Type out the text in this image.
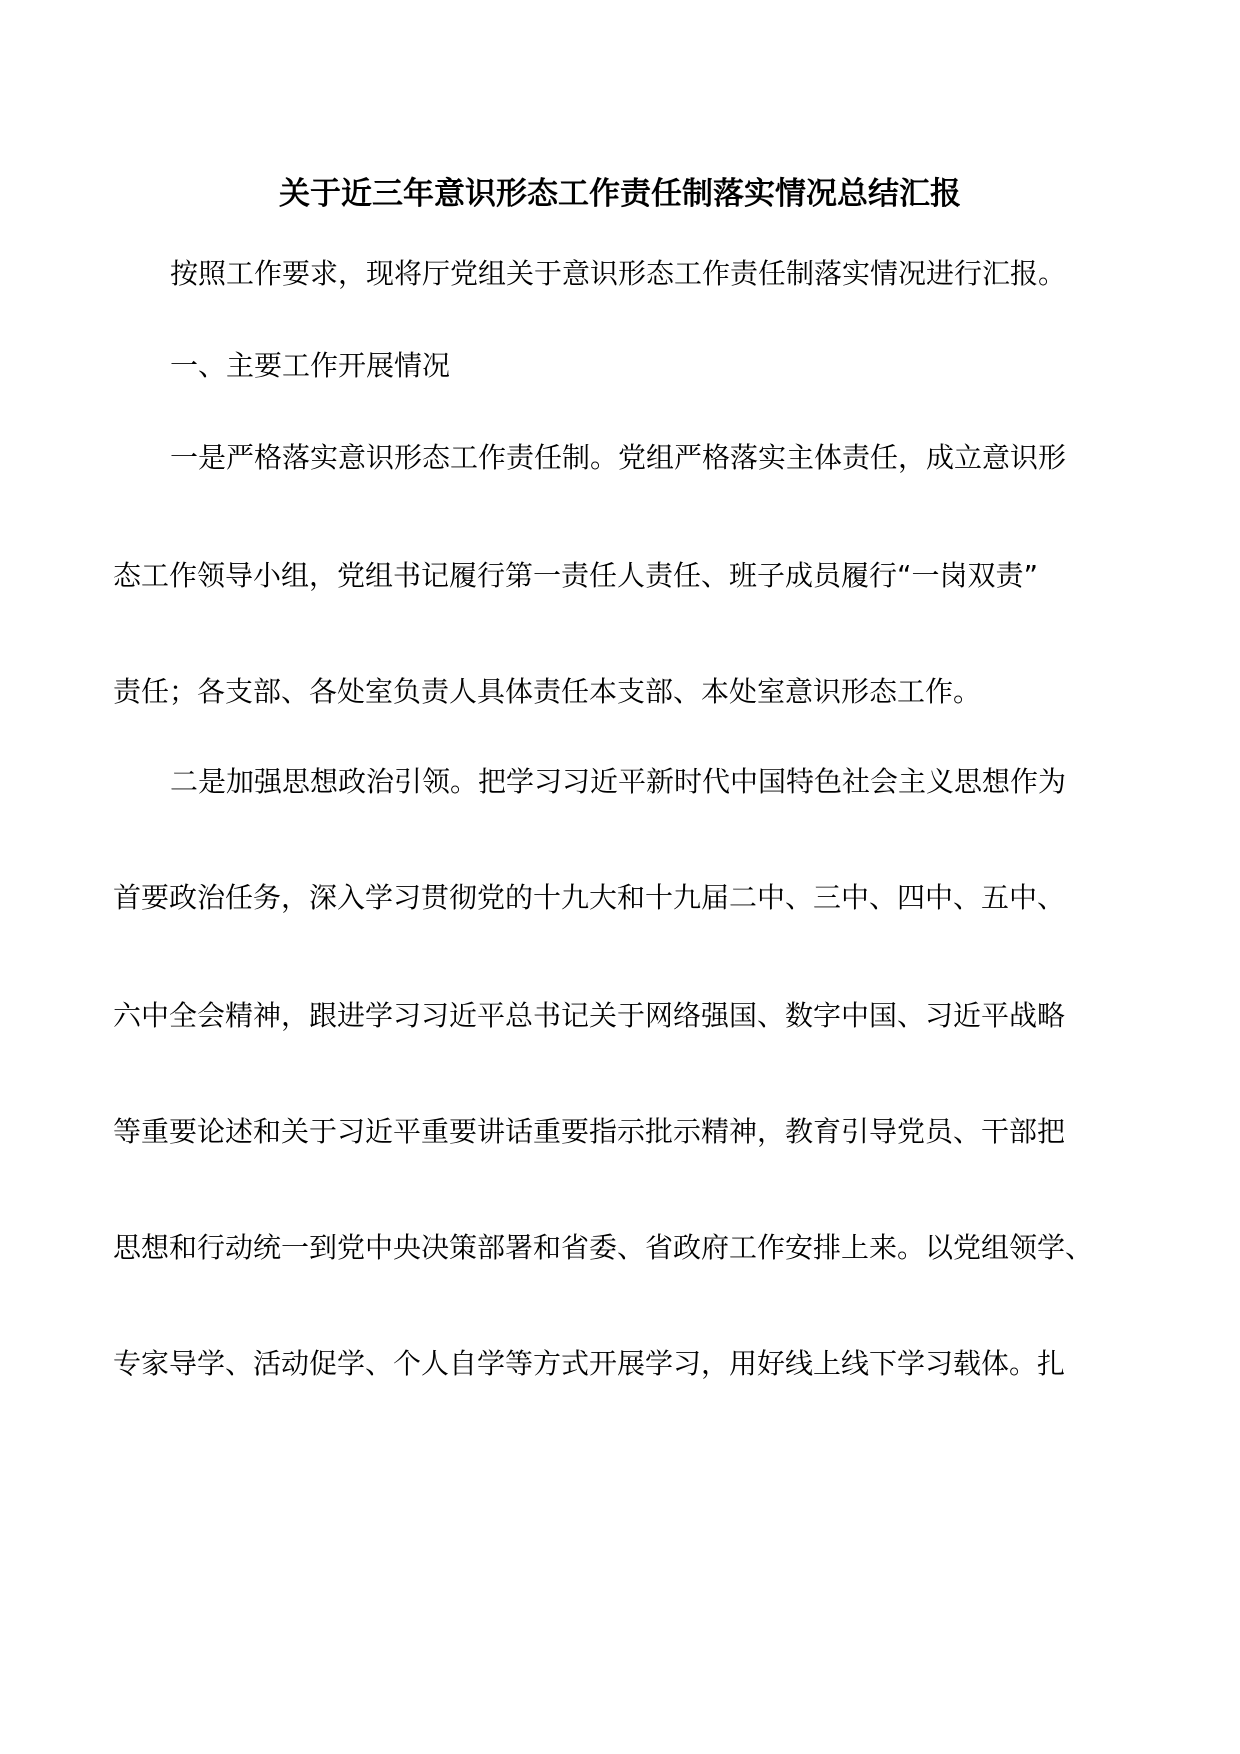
关于近三年意识形态工作责任制落实情况总结汇报

按照工作要求，现将厅党组关于意识形态工作责任制落实情况进行汇报。

一、主要工作开展情况

一是严格落实意识形态工作责任制。党组严格落实主体责任，成立意识形

态工作领导小组，党组书记履行第一责任人责任、班子成员履行“一岗双责”

责任；各支部、各处室负责人具体责任本支部、本处室意识形态工作。

二是加强思想政治引领。把学习习近平新时代中国特色社会主义思想作为

首要政治任务，深入学习贯彻党的十九大和十九届二中、三中、四中、五中、

六中全会精神，跟进学习习近平总书记关于网络强国、数字中国、习近平战略

等重要论述和关于习近平重要讲话重要指示批示精神，教育引导党员、干部把

思想和行动统一到党中央决策部署和省委、省政府工作安排上来。以党组领学、

专家导学、活动促学、个人自学等方式开展学习，用好线上线下学习载体。扎
